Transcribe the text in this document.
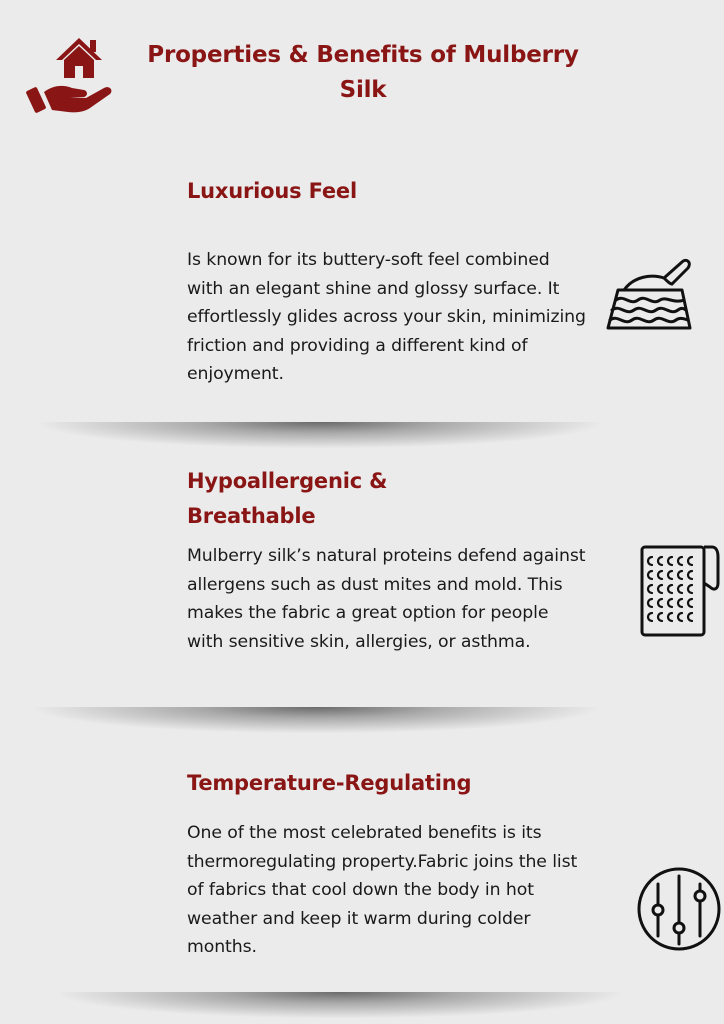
Properties & Benefits of Mulberry Silk
Luxurious Feel

Is known for its buttery-soft feel combined with an elegant shine and glossy surface. It effortlessly glides across your skin, minimizing friction and providing a different kind of enjoyment.

Hypoallergenic & Breathable

Mulberry silk’s natural proteins defend against allergens such as dust mites and mold. This makes the fabric a great option for people with sensitive skin, allergies, or asthma.

Temperature-Regulating

One of the most celebrated benefits is its thermoregulating property.Fabric joins the list of fabrics that cool down the body in hot weather and keep it warm during colder months.
